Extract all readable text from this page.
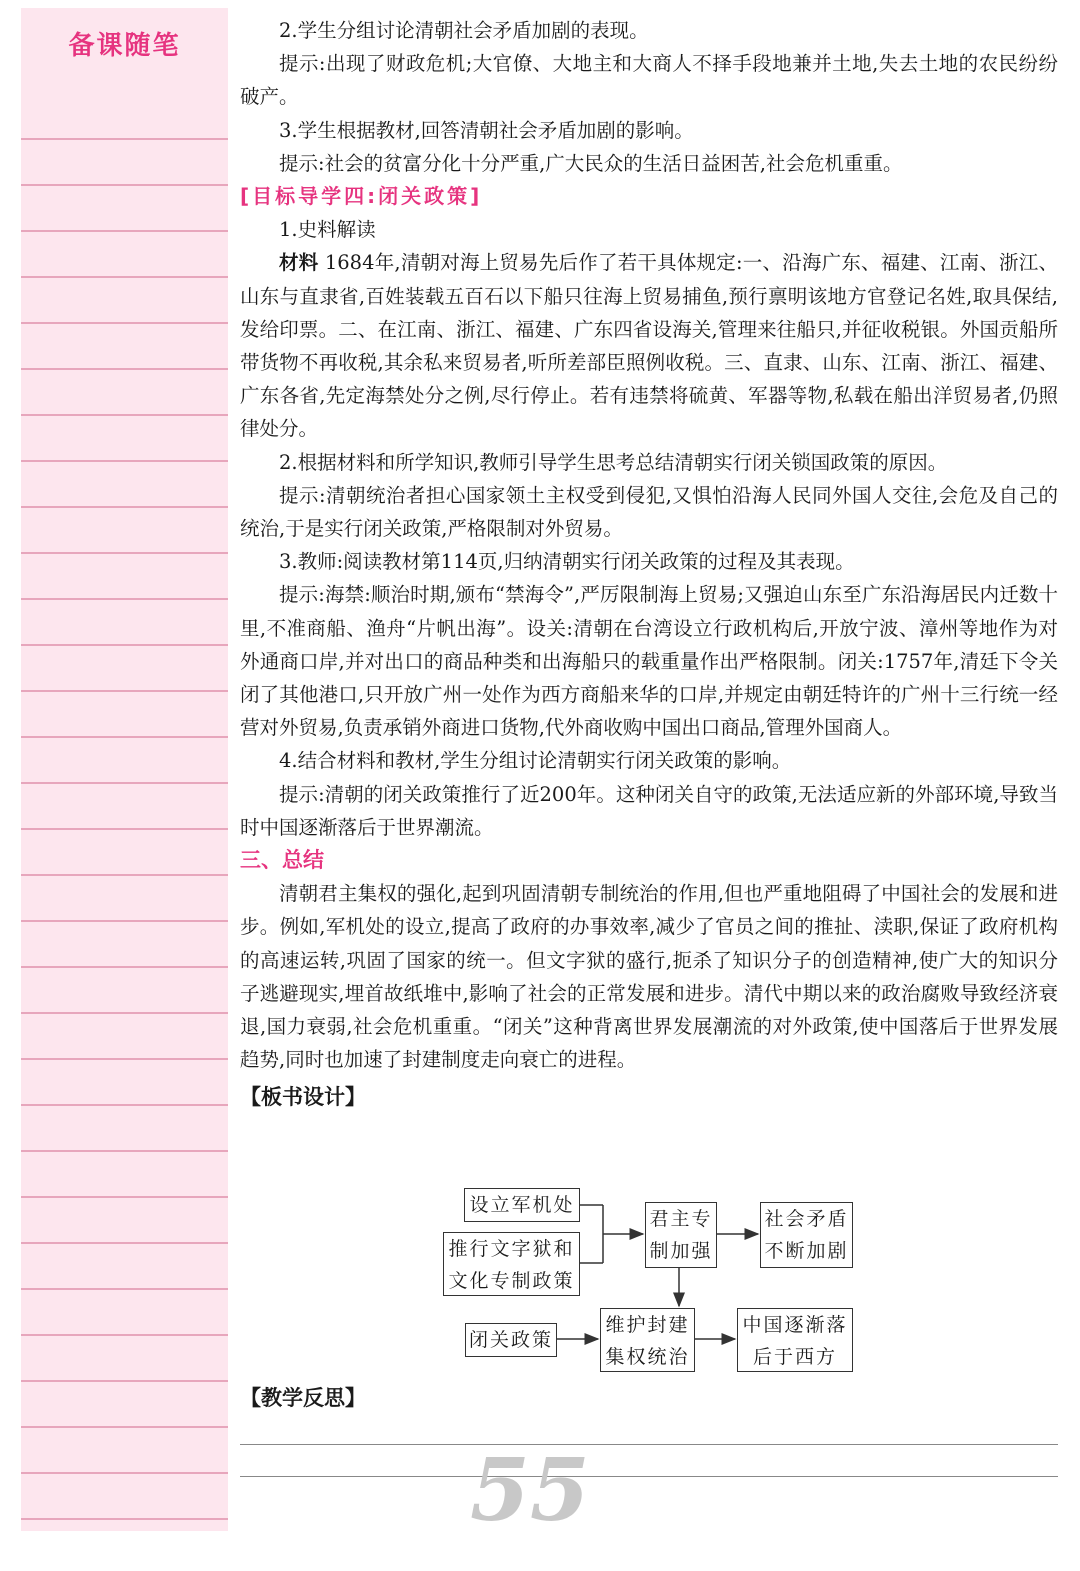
备课随笔

2.学生分组讨论清朝社会矛盾加剧的表现。

提示:出现了财政危机;大官僚、大地主和大商人不择手段地兼并土地,失去土地的农民纷纷破产。

3.学生根据教材,回答清朝社会矛盾加剧的影响。

提示:社会的贫富分化十分严重,广大民众的生活日益困苦,社会危机重重。

[目标导学四:闭关政策]

1.史料解读

材料 1684年,清朝对海上贸易先后作了若干具体规定:一、沿海广东、福建、江南、浙江、山东与直隶省,百姓装载五百石以下船只往海上贸易捕鱼,预行禀明该地方官登记名姓,取具保结,发给印票。二、在江南、浙江、福建、广东四省设海关,管理来往船只,并征收税银。外国贡船所带货物不再收税,其余私来贸易者,听所差部臣照例收税。三、直隶、山东、江南、浙江、福建、广东各省,先定海禁处分之例,尽行停止。若有违禁将硫黄、军器等物,私载在船出洋贸易者,仍照律处分。

2.根据材料和所学知识,教师引导学生思考总结清朝实行闭关锁国政策的原因。

提示:清朝统治者担心国家领土主权受到侵犯,又惧怕沿海人民同外国人交往,会危及自己的统治,于是实行闭关政策,严格限制对外贸易。

3.教师:阅读教材第114页,归纳清朝实行闭关政策的过程及其表现。

提示:海禁:顺治时期,颁布“禁海令”,严厉限制海上贸易;又强迫山东至广东沿海居民内迁数十里,不准商船、渔舟“片帆出海”。设关:清朝在台湾设立行政机构后,开放宁波、漳州等地作为对外通商口岸,并对出口的商品种类和出海船只的载重量作出严格限制。闭关:1757年,清廷下令关闭了其他港口,只开放广州一处作为西方商船来华的口岸,并规定由朝廷特许的广州十三行统一经营对外贸易,负责承销外商进口货物,代外商收购中国出口商品,管理外国商人。

4.结合材料和教材,学生分组讨论清朝实行闭关政策的影响。

提示:清朝的闭关政策推行了近200年。这种闭关自守的政策,无法适应新的外部环境,导致当时中国逐渐落后于世界潮流。

三、总结

清朝君主集权的强化,起到巩固清朝专制统治的作用,但也严重地阻碍了中国社会的发展和进步。例如,军机处的设立,提高了政府的办事效率,减少了官员之间的推扯、渎职,保证了政府机构的高速运转,巩固了国家的统一。但文字狱的盛行,扼杀了知识分子的创造精神,使广大的知识分子逃避现实,埋首故纸堆中,影响了社会的正常发展和进步。清代中期以来的政治腐败导致经济衰退,国力衰弱,社会危机重重。“闭关”这种背离世界发展潮流的对外政策,使中国落后于世界发展趋势,同时也加速了封建制度走向衰亡的进程。

【板书设计】

设立军机处
推行文字狱和
文化专制政策
闭关政策
君主专
制加强
社会矛盾
不断加剧
维护封建
集权统治
中国逐渐落
后于西方
【教学反思】
55
